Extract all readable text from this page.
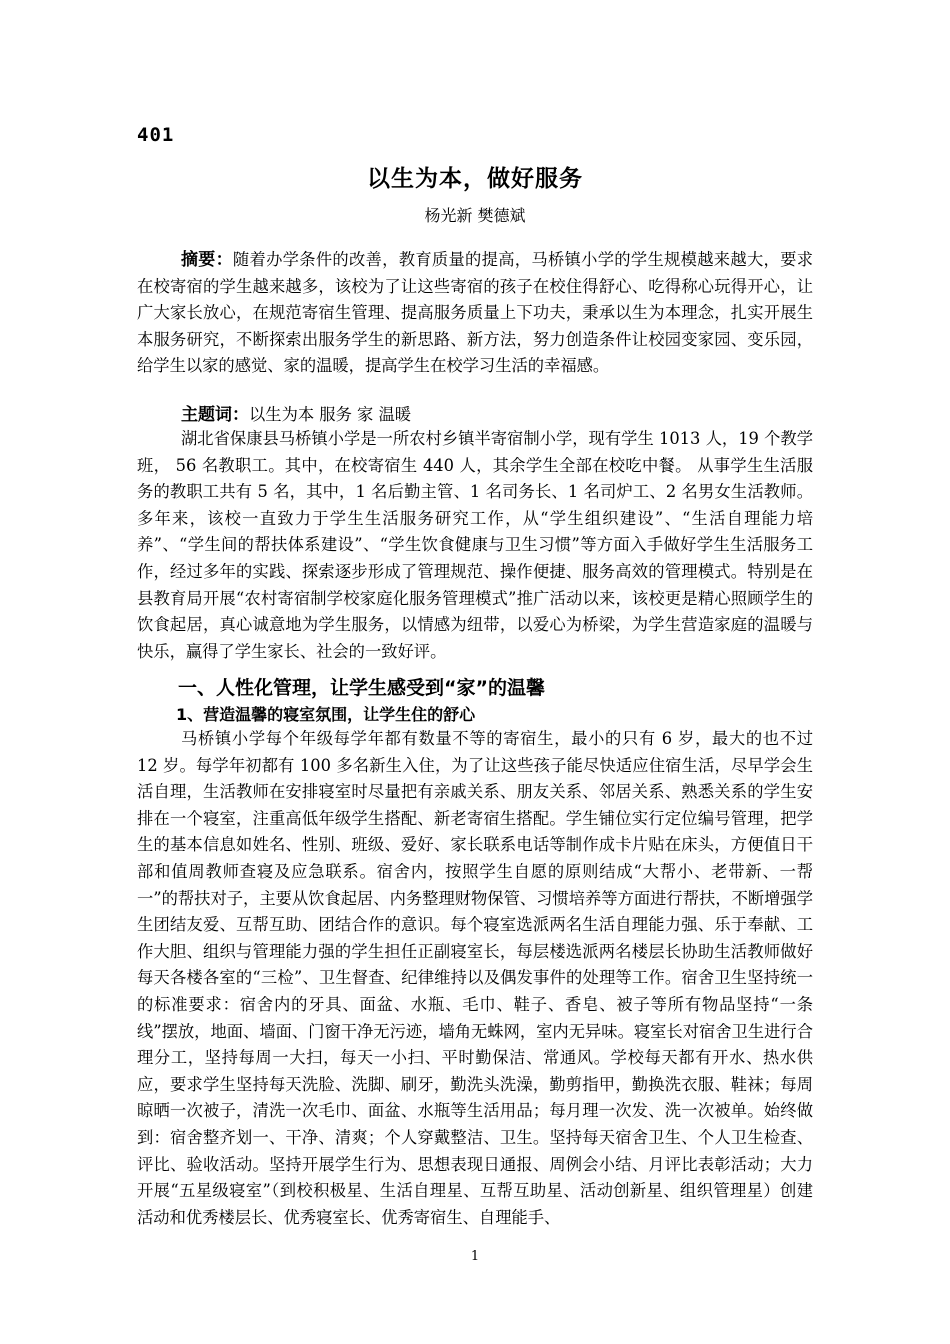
401
以生为本，做好服务
杨光新 樊德斌
摘要：随着办学条件的改善，教育质量的提高，马桥镇小学的学生规模越来越大，要求在校寄宿的学生越来越多，该校为了让这些寄宿的孩子在校住得舒心、吃得称心玩得开心，让广大家长放心，在规范寄宿生管理、提高服务质量上下功夫，秉承以生为本理念，扎实开展生本服务研究，不断探索出服务学生的新思路、新方法，努力创造条件让校园变家园、变乐园，给学生以家的感觉、家的温暖，提高学生在校学习生活的幸福感。
主题词：以生为本 服务 家 温暖

湖北省保康县马桥镇小学是一所农村乡镇半寄宿制小学，现有学生 1013 人，19 个教学班， 56 名教职工。其中，在校寄宿生 440 人，其余学生全部在校吃中餐。 从事学生生活服务的教职工共有 5 名，其中，1 名后勤主管、1 名司务长、1 名司炉工、2 名男女生活教师。 多年来，该校一直致力于学生生活服务研究工作，从“学生组织建设”、“生活自理能力培养”、“学生间的帮扶体系建设”、“学生饮食健康与卫生习惯”等方面入手做好学生生活服务工作，经过多年的实践、探索逐步形成了管理规范、操作便捷、服务高效的管理模式。特别是在县教育局开展“农村寄宿制学校家庭化服务管理模式”推广活动以来，该校更是精心照顾学生的饮食起居，真心诚意地为学生服务，以情感为纽带，以爱心为桥梁，为学生营造家庭的温暖与快乐，赢得了学生家长、社会的一致好评。

一、人性化管理，让学生感受到“家”的温馨
1、营造温馨的寝室氛围，让学生住的舒心

马桥镇小学每个年级每学年都有数量不等的寄宿生，最小的只有 6 岁，最大的也不过 12 岁。每学年初都有 100 多名新生入住，为了让这些孩子能尽快适应住宿生活，尽早学会生活自理，生活教师在安排寝室时尽量把有亲戚关系、朋友关系、邻居关系、熟悉关系的学生安排在一个寝室，注重高低年级学生搭配、新老寄宿生搭配。学生铺位实行定位编号管理，把学生的基本信息如姓名、性别、班级、爱好、家长联系电话等制作成卡片贴在床头，方便值日干部和值周教师查寝及应急联系。宿舍内，按照学生自愿的原则结成“大帮小、老带新、一帮一”的帮扶对子，主要从饮食起居、内务整理财物保管、习惯培养等方面进行帮扶，不断增强学生团结友爱、互帮互助、团结合作的意识。每个寝室选派两名生活自理能力强、乐于奉献、工作大胆、组织与管理能力强的学生担任正副寝室长，每层楼选派两名楼层长协助生活教师做好每天各楼各室的“三检”、卫生督查、纪律维持以及偶发事件的处理等工作。宿舍卫生坚持统一的标准要求：宿舍内的牙具、面盆、水瓶、毛巾、鞋子、香皂、被子等所有物品坚持“一条线”摆放，地面、墙面、门窗干净无污迹，墙角无蛛网，室内无异味。寝室长对宿舍卫生进行合理分工，坚持每周一大扫，每天一小扫、平时勤保洁、常通风。学校每天都有开水、热水供应，要求学生坚持每天洗脸、洗脚、刷牙，勤洗头洗澡，勤剪指甲，勤换洗衣服、鞋袜；每周晾晒一次被子，清洗一次毛巾、面盆、水瓶等生活用品；每月理一次发、洗一次被单。始终做到：宿舍整齐划一、干净、清爽；个人穿戴整洁、卫生。坚持每天宿舍卫生、个人卫生检查、评比、验收活动。坚持开展学生行为、思想表现日通报、周例会小结、月评比表彰活动；大力开展“五星级寝室”（到校积极星、生活自理星、互帮互助星、活动创新星、组织管理星）创建活动和优秀楼层长、优秀寝室长、优秀寄宿生、自理能手、

1
